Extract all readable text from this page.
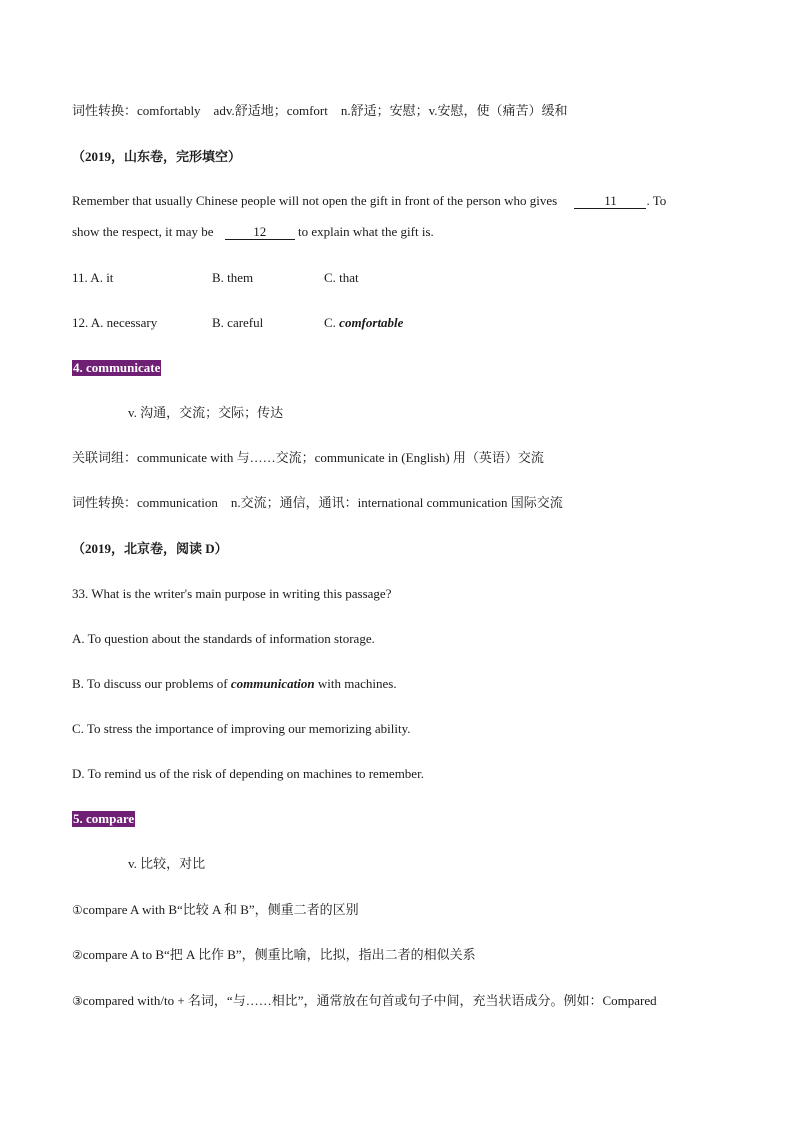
词性转换：comfortably　adv.舒适地；comfort　n.舒适；安慰；v.安慰，使（痛苦）缓和
（2019，山东卷，完形填空）
Remember that usually Chinese people will not open the gift in front of the person who gives	11 . To
show the respect, it may be	12 to explain what the gift is.
11. A. it	B. them	C. that
12. A. necessary	B. careful	C. comfortable
4. communicate
v. 沟通，交流；交际；传达
关联词组：communicate with 与……交流；communicate in (English) 用（英语）交流
词性转换：communication　n.交流；通信，通讯：international communication 国际交流
（2019，北京卷，阅读 D）
33. What is the writer's main purpose in writing this passage?
A. To question about the standards of information storage.
B. To discuss our problems of communication with machines.
C. To stress the importance of improving our memorizing ability.
D. To remind us of the risk of depending on machines to remember.
5. compare
v. 比较，对比
①compare A with B“比较 A 和 B”，侧重二者的区别
②compare A to B“把 A 比作 B”，侧重比喻，比拟，指出二者的相似关系
③compared with/to + 名词，“与……相比”，通常放在句首或句子中间，充当状语成分。例如：Compared
